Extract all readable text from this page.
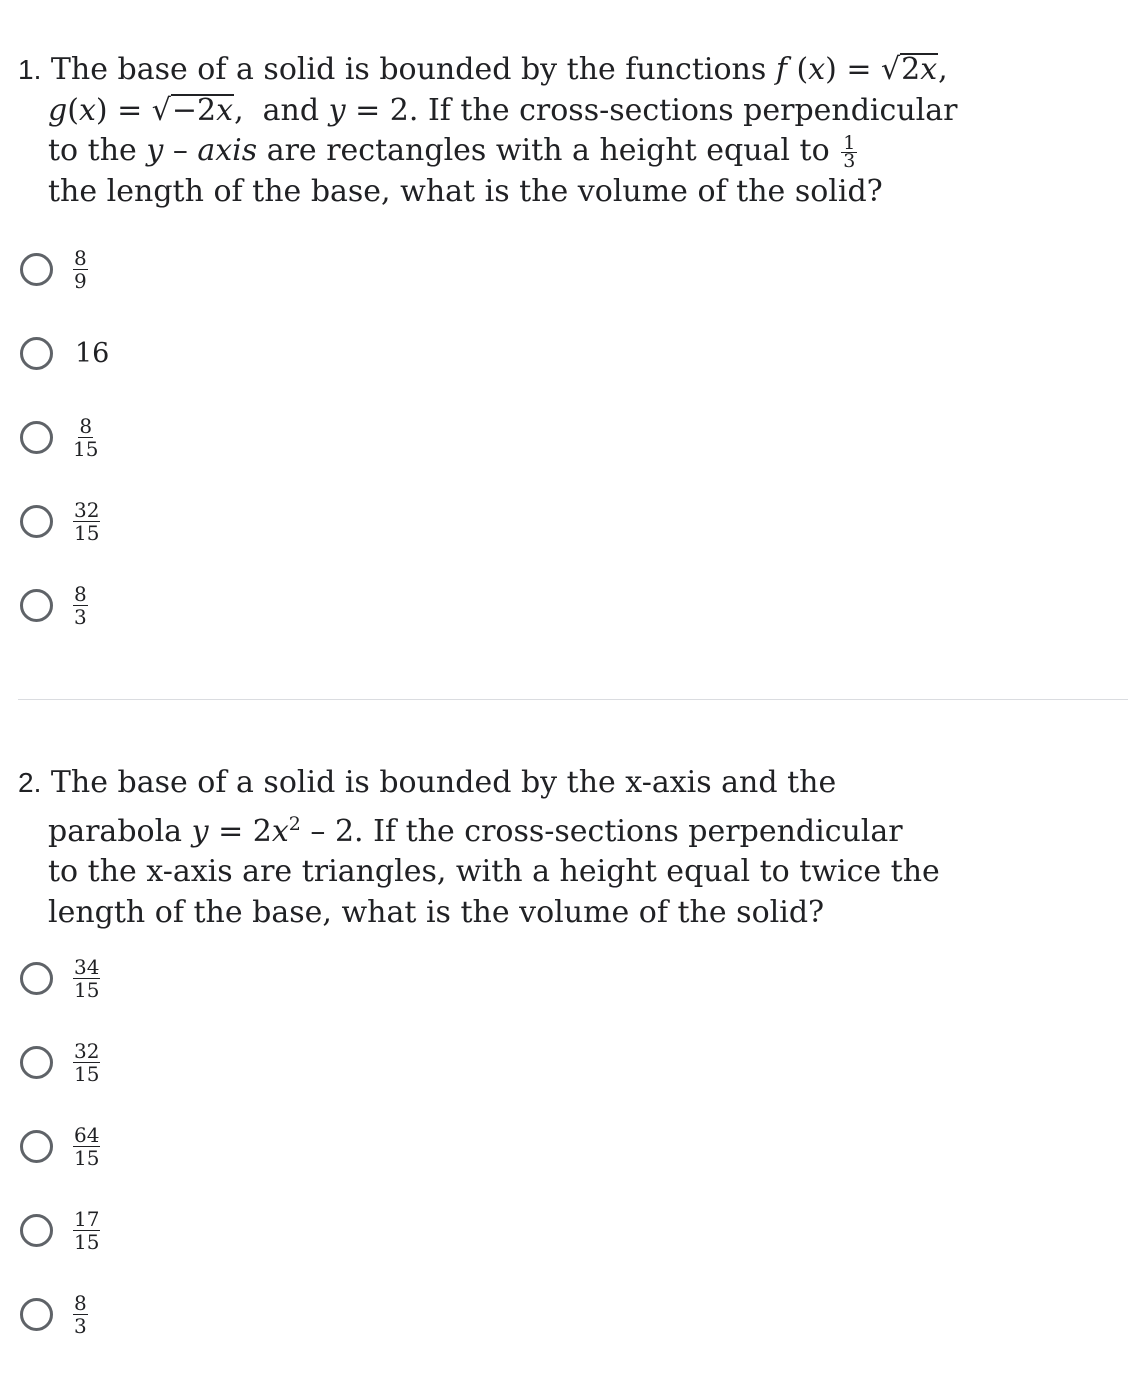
1. The base of a solid is bounded by the functions f (x) = √2x,
g(x) = √−2x,  and y = 2. If the cross-sections perpendicular
to the y – axis are rectangles with a height equal to $\frac{1}{3}$
the length of the base, what is the volume of the solid?
$\frac{8}{9}$
16
$\frac{8}{15}$
$\frac{32}{15}$
$\frac{8}{3}$
2. The base of a solid is bounded by the x-axis and the
parabola $y = 2x^2 - 2$. If the cross-sections perpendicular
to the x-axis are triangles, with a height equal to twice the
length of the base, what is the volume of the solid?
$\frac{34}{15}$
$\frac{32}{15}$
$\frac{64}{15}$
$\frac{17}{15}$
$\frac{8}{3}$
